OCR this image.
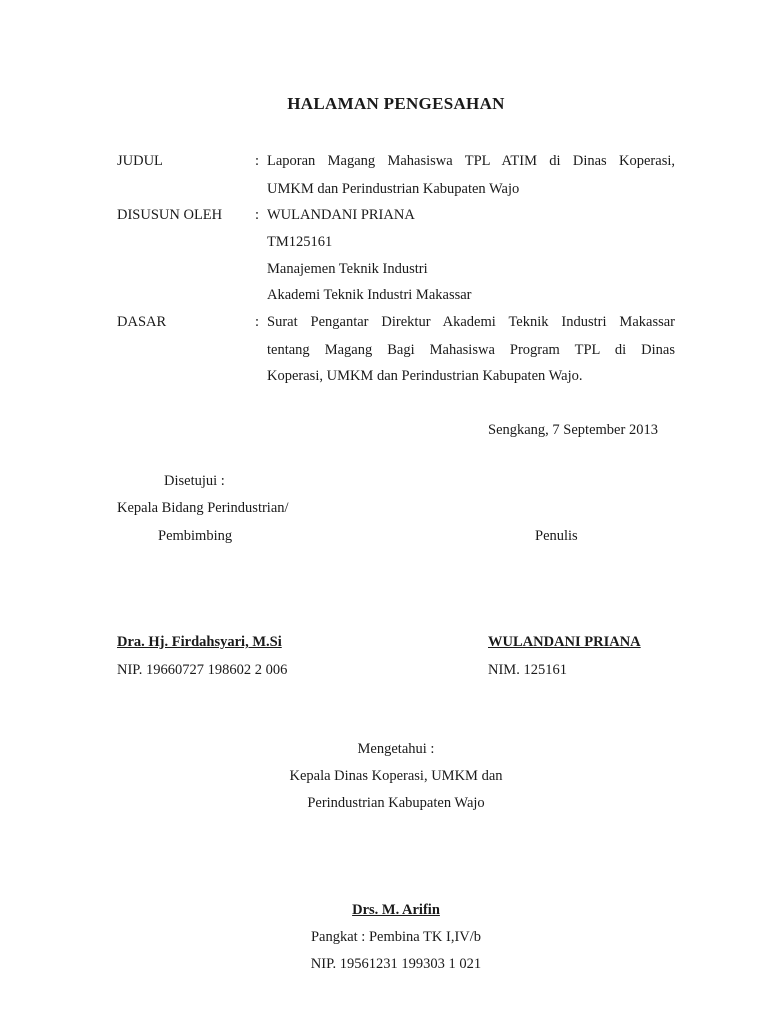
HALAMAN PENGESAHAN
JUDUL	: Laporan Magang Mahasiswa TPL ATIM di Dinas Koperasi,
UMKM dan Perindustrian Kabupaten Wajo
DISUSUN OLEH : WULANDANI PRIANA
TM125161
Manajemen Teknik Industri
Akademi Teknik Industri Makassar
DASAR	: Surat Pengantar Direktur Akademi Teknik Industri Makassar
tentang Magang Bagi Mahasiswa Program TPL di Dinas
Koperasi, UMKM dan Perindustrian Kabupaten Wajo.
Sengkang, 7 September 2013
Disetujui :
Kepala Bidang Perindustrian/
Pembimbing	Penulis
Dra. Hj. Firdahsyari, M.Si
NIP. 19660727 198602 2 006
WULANDANI PRIANA
NIM. 125161
Mengetahui :
Kepala Dinas Koperasi, UMKM dan
Perindustrian Kabupaten Wajo
Drs. M. Arifin
Pangkat : Pembina TK I,IV/b
NIP. 19561231 199303 1 021
